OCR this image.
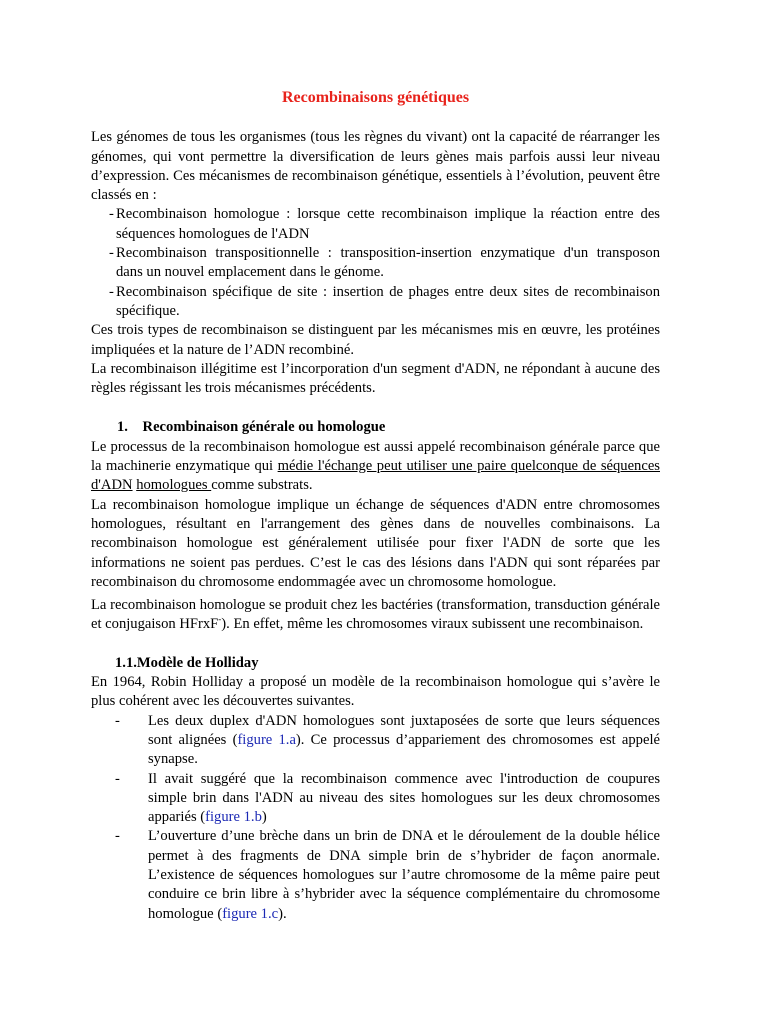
Recombinaisons génétiques

Les génomes de tous les organismes (tous les règnes du vivant) ont la capacité de réarranger les génomes, qui vont permettre la diversification de leurs gènes mais parfois aussi leur niveau d’expression. Ces mécanismes de recombinaison génétique, essentiels à l’évolution, peuvent être classés en :

- Recombinaison homologue : lorsque cette recombinaison implique la réaction entre des séquences homologues de l'ADN
- Recombinaison transpositionnelle : transposition-insertion enzymatique d'un transposon dans un nouvel emplacement dans le génome.
- Recombinaison spécifique de site : insertion de phages entre deux sites de recombinaison spécifique.

Ces trois types de recombinaison se distinguent par les mécanismes mis en œuvre, les protéines impliquées et la nature de l’ADN recombiné.

La recombinaison illégitime est l’incorporation d'un segment d'ADN, ne répondant à aucune des règles régissant les trois mécanismes précédents.

1. Recombinaison générale ou homologue

Le processus de la recombinaison homologue est aussi appelé recombinaison générale parce que la machinerie enzymatique qui médie l'échange peut utiliser une paire quelconque de séquences d'ADN homologues comme substrats.

La recombinaison homologue implique un échange de séquences d'ADN entre chromosomes homologues, résultant en l'arrangement des gènes dans de nouvelles combinaisons. La recombinaison homologue est généralement utilisée pour fixer l'ADN de sorte que les informations ne soient pas perdues. C’est le cas des lésions dans l'ADN qui sont réparées par recombinaison du chromosome endommagée avec un chromosome homologue.

La recombinaison homologue se produit chez les bactéries (transformation, transduction générale et conjugaison HFrxF-). En effet, même les chromosomes viraux subissent une recombinaison.

1.1.Modèle de Holliday

En 1964, Robin Holliday a proposé un modèle de la recombinaison homologue qui s’avère le plus cohérent avec les découvertes suivantes.

- Les deux duplex d'ADN homologues sont juxtaposées de sorte que leurs séquences sont alignées (figure 1.a). Ce processus d’appariement des chromosomes est appelé synapse.
- Il avait suggéré que la recombinaison commence avec l'introduction de coupures simple brin dans l'ADN au niveau des sites homologues sur les deux chromosomes appariés (figure 1.b)
- L’ouverture d’une brèche dans un brin de DNA et le déroulement de la double hélice permet à des fragments de DNA simple brin de s’hybrider de façon anormale. L’existence de séquences homologues sur l’autre chromosome de la même paire peut conduire ce brin libre à s’hybrider avec la séquence complémentaire du chromosome homologue (figure 1.c).
